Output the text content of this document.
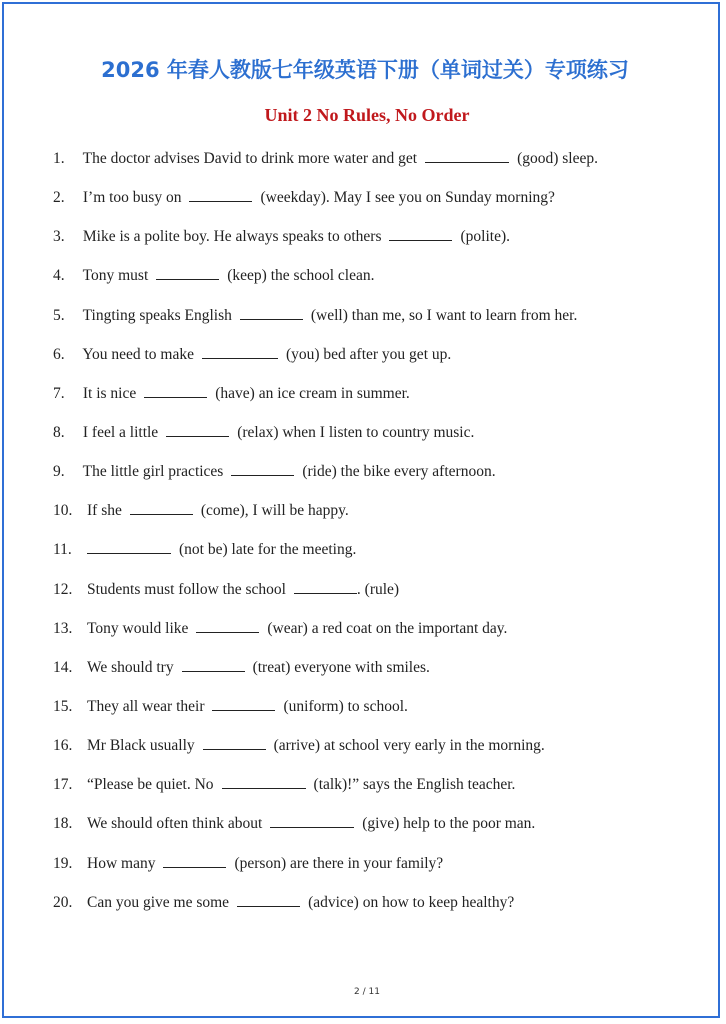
2026 年春人教版七年级英语下册（单词过关）专项练习
Unit 2 No Rules, No Order
1. The doctor advises David to drink more water and get	(good) sleep.
2. I’m too busy on	(weekday). May I see you on Sunday morning?
3. Mike is a polite boy. He always speaks to others	(polite).
4. Tony must	(keep) the school clean.
5. Tingting speaks English	(well) than me, so I want to learn from her.
6. You need to make	(you) bed after you get up.
7. It is nice	(have) an ice cream in summer.
8. I feel a little	(relax) when I listen to country music.
9. The little girl practices	(ride) the bike every afternoon.
10. If she	(come), I will be happy.
11.	(not be) late for the meeting.
12. Students must follow the school	. (rule)
13. Tony would like	(wear) a red coat on the important day.
14. We should try	(treat) everyone with smiles.
15. They all wear their	(uniform) to school.
16. Mr Black usually	(arrive) at school very early in the morning.
17. “Please be quiet. No	(talk)!” says the English teacher.
18. We should often think about	(give) help to the poor man.
19. How many	(person) are there in your family?
20. Can you give me some	(advice) on how to keep healthy?
2 / 11
